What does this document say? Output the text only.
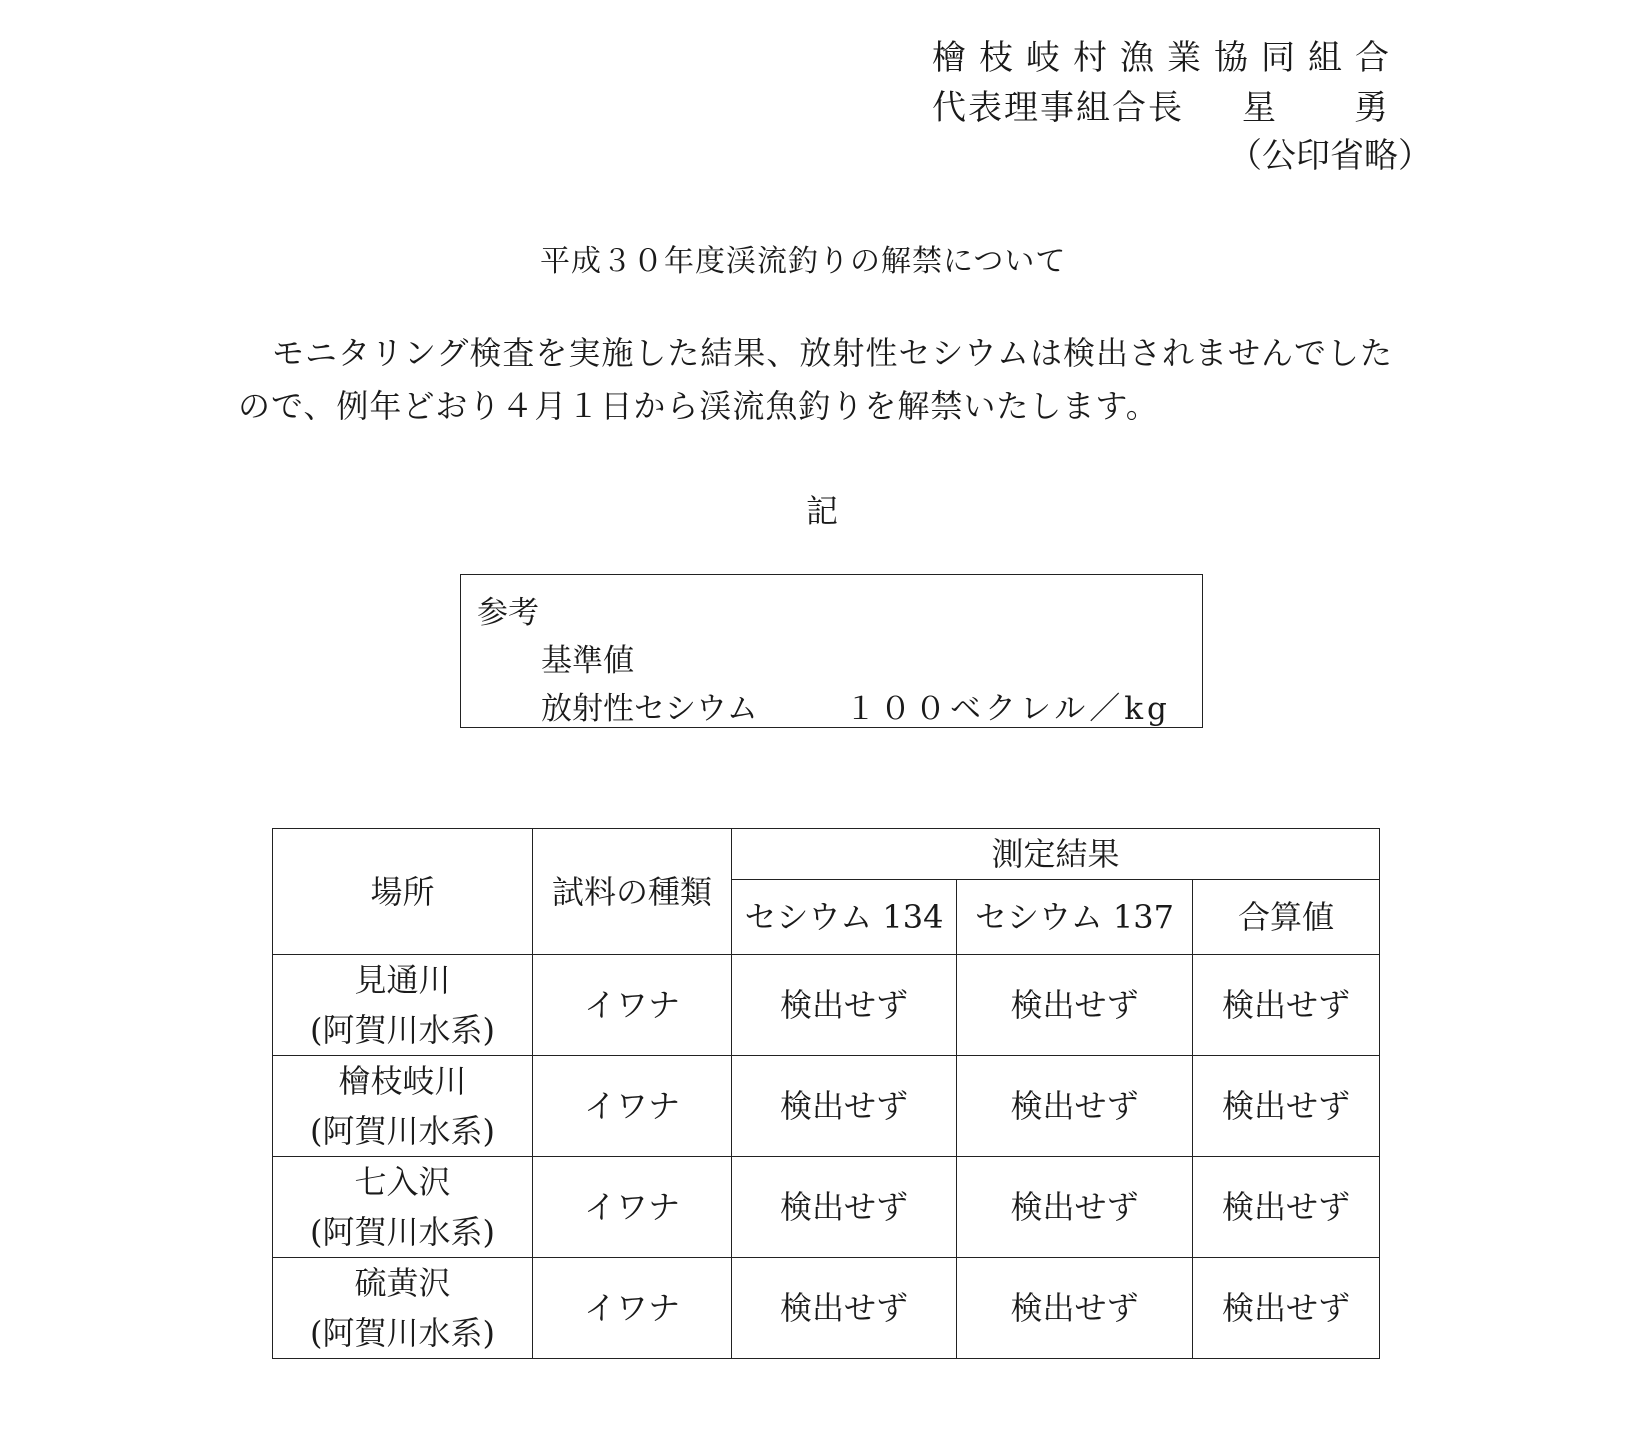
檜枝岐村漁業協同組合
代表理事組合長 星勇
（公印省略）
平成３０年度渓流釣りの解禁について
モニタリング検査を実施した結果、放射性セシウムは検出されませんでした
ので、例年どおり４月１日から渓流魚釣りを解禁いたします。
記
参考
基準値
放射性セシウム	１００ベクレル／kg
場所	試料の種類	測定結果		
		セシウム 134	セシウム 137	合算値

見通川
(阿賀川水系)	イワナ	検出せず	検出せず	検出せず

檜枝岐川
(阿賀川水系)	イワナ	検出せず	検出せず	検出せず

七入沢
(阿賀川水系)	イワナ	検出せず	検出せず	検出せず

硫黄沢
(阿賀川水系)	イワナ	検出せず	検出せず	検出せず
